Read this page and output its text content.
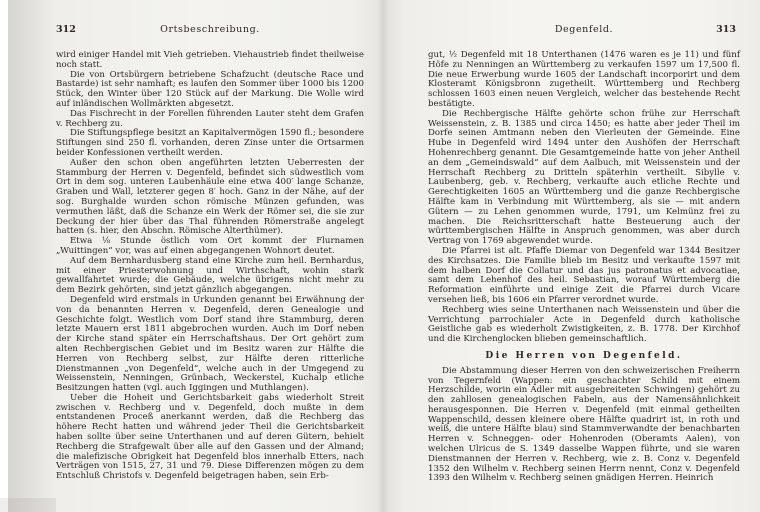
312	Ortsbeschreibung.

wird einiger Handel mit Vieh getrieben. Viehaustrieb findet theilweise noch statt.

Die von Ortsbürgern betriebene Schafzucht (deutsche Race und Bastarde) ist sehr namhaft; es laufen den Sommer über 1000 bis 1200 Stück, den Winter über 120 Stück auf der Markung. Die Wolle wird auf inländischen Wollmärkten abgesetzt.

Das Fischrecht in der Forellen führenden Lauter steht dem Grafen v. Rechberg zu.

Die Stiftungspflege besitzt an Kapitalvermögen 1590 fl.; besondere Stiftungen sind 250 fl. vorhanden, deren Zinse unter die Ortsarmen beider Konfessionen vertheilt werden.

Außer den schon oben angeführten letzten Ueberresten der Stammburg der Herren v. Degenfeld, befindet sich südwestlich vom Ort in dem sog. unteren Laubenhäule eine etwa 400′ lange Schanze, Graben und Wall, letzterer gegen 8′ hoch. Ganz in der Nähe, auf der sog. Burghalde wurden schon römische Münzen gefunden, was vermuthen läßt, daß die Schanze ein Werk der Römer sei, die sie zur Deckung der hier über das Thal führenden Römerstraße angelegt hatten (s. hier, den Abschn. Römische Alterthümer).

Etwa ⅛ Stunde östlich vom Ort kommt der Flurnamen „Wuittingen“ vor, was auf einen abgegangenen Wohnort deutet.

Auf dem Bernhardusberg stand eine Kirche zum heil. Bernhardus, mit einer Priesterwohnung und Wirthschaft, wohin stark gewallfahrtet wurde; die Gebäude, welche übrigens nicht mehr zu dem Bezirk gehörten, sind jetzt gänzlich abgegangen.

Degenfeld wird erstmals in Urkunden genannt bei Erwähnung der von da benannten Herren v. Degenfeld, deren Genealogie und Geschichte folgt. Westlich vom Dorf stand ihre Stammburg, deren letzte Mauern erst 1811 abgebrochen wurden. Auch im Dorf neben der Kirche stand später ein Herrschaftshaus. Der Ort gehört zum alten Rechbergischen Gebiet und im Besitz waren zur Hälfte die Herren von Rechberg selbst, zur Hälfte deren ritterliche Dienstmannen „von Degenfeld“, welche auch in der Umgegend zu Weissenstein, Nenningen, Grünbach, Weckerstel, Kuchalp etliche Besitzungen hatten (vgl. auch Iggingen und Muthlangen).

Ueber die Hoheit und Gerichtsbarkeit gabs wiederholt Streit zwischen v. Rechberg und v. Degenfeld, doch mußte in dem entstandenen Proceß anerkannt werden, daß die Rechberg das höhere Recht hatten und während jeder Theil die Gerichtsbarkeit haben sollte über seine Unterthanen und auf deren Gütern, behielt Rechberg die Strafgewalt über alle auf den Gassen und der Almand; die malefizische Obrigkeit hat Degenfeld blos innerhalb Etters, nach Verträgen von 1515, 27, 31 und 79. Diese Differenzen mögen zu dem Entschluß Christofs v. Degenfeld beigetragen haben, sein Erb-

Degenfeld.	313

gut, ½ Degenfeld mit 18 Unterthanen (1476 waren es je 11) und fünf Höfe zu Nenningen an Württemberg zu verkaufen 1597 um 17,500 fl. Die neue Erwerbung wurde 1605 der Landschaft incorporirt und dem Klosteramt Königsbronn zugetheilt. Württemberg und Rechberg schlossen 1603 einen neuen Vergleich, welcher das bestehende Recht bestätigte.

Die Rechbergische Hälfte gehörte schon frühe zur Herrschaft Weissenstein, z. B. 1385 und circa 1450; es hatte aber jeder Theil im Dorfe seinen Amtmann neben den Vierleuten der Gemeinde. Eine Hube in Degenfeld wird 1494 unter den Aushöfen der Herrschaft Hohenrechberg genannt. Die Gesamtgemeinde hatte von jeher Antheil an dem „Gemeindswald“ auf dem Aalbuch, mit Weissenstein und der Herrschaft Rechberg zu Dritteln späterhin vertheilt. Sibylle v. Laubenberg, geb. v. Rechberg, verkaufte auch etliche Rechte und Gerechtigkeiten 1605 an Württemberg und die ganze Rechbergische Hälfte kam in Verbindung mit Württemberg, als sie — mit andern Gütern — zu Lehen genommen wurde, 1791, um Kelmünz frei zu machen. Die Reichsritterschaft hatte Besteuerung auch der württembergischen Hälfte in Anspruch genommen, was aber durch Vertrag von 1769 abgewendet wurde.

Die Pfarrei ist alt. Pfaffe Diemar von Degenfeld war 1344 Besitzer des Kirchsatzes. Die Familie blieb im Besitz und verkaufte 1597 mit dem halben Dorf die Collatur und das jus patronatus et advocatiae, samt dem Lehenhof des heil. Sebastian, worauf Württemberg die Reformation einführte und einige Zeit die Pfarrei durch Vicare versehen ließ, bis 1606 ein Pfarrer verordnet wurde.

Rechberg wies seine Unterthanen nach Weissenstein und über die Verrichtung parrochialer Acte in Degenfeld durch katholische Geistliche gab es wiederholt Zwistigkeiten, z. B. 1778. Der Kirchhof und die Kirchenglocken blieben gemeinschaftlich.

Die Herren von Degenfeld.

Die Abstammung dieser Herren von den schweizerischen Freiherrn von Tegernfeld (Wappen: ein geschachter Schild mit einem Herzschilde, worin ein Adler mit ausgebreiteten Schwingen) gehört zu den zahllosen genealogischen Fabeln, aus der Namensähnlichkeit herausgesponnen. Die Herren v. Degenfeld (mit einmal getheilten Wappenschild, dessen kleinere obere Hälfte quadrirt ist, in roth und weiß, die untere Hälfte blau) sind Stammverwandte der benachbarten Herren v. Schneggen- oder Hohenroden (Oberamts Aalen), von welchen Ulricus de S. 1349 dasselbe Wappen führte, und sie waren Dienstmannen der Herren v. Rechberg, wie z. B. Conz v. Degenfeld 1352 den Wilhelm v. Rechberg seinen Herrn nennt, Conz v. Degenfeld 1393 den Wilhelm v. Rechberg seinen gnädigen Herren. Heinrich
